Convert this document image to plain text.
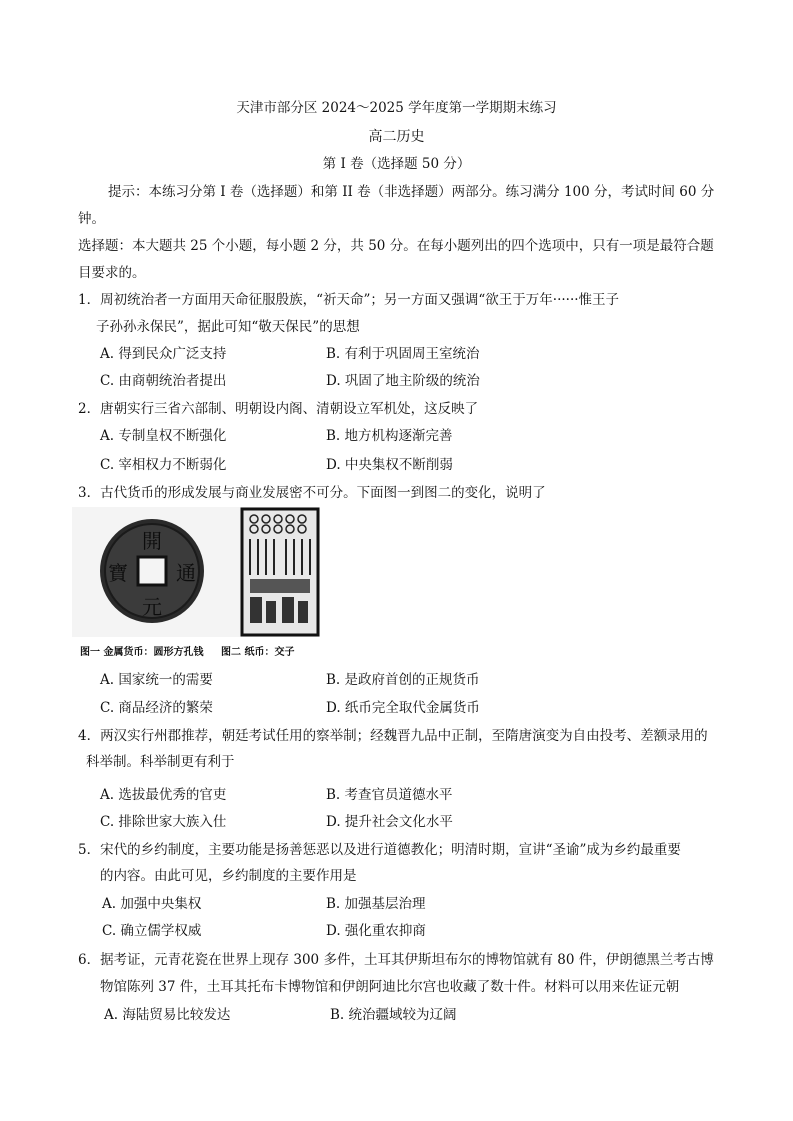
天津市部分区 2024～2025 学年度第一学期期末练习
高二历史
第 I 卷（选择题 50 分）
提示：本练习分第 I 卷（选择题）和第 II 卷（非选择题）两部分。练习满分 100 分，考试时间 60 分
钟。
选择题：本大题共 25 个小题，每小题 2 分，共 50 分。在每小题列出的四个选项中，只有一项是最符合题
目要求的。
1．周初统治者一方面用天命征服殷族，“祈天命”；另一方面又强调“欲王于万年······惟王子
子孙孙永保民”，据此可知“敬天保民”的思想
A. 得到民众广泛支持	B. 有利于巩固周王室统治
C. 由商朝统治者提出	D. 巩固了地主阶级的统治
2．唐朝实行三省六部制、明朝设内阁、清朝设立军机处，这反映了
A. 专制皇权不断强化	B. 地方机构逐渐完善
C. 宰相权力不断弱化	D. 中央集权不断削弱
3．古代货币的形成发展与商业发展密不可分。下面图一到图二的变化，说明了
開
元
通
寶
图一 金属货币：圆形方孔钱 图二 纸币：交子
A. 国家统一的需要	B. 是政府首创的正规货币
C. 商品经济的繁荣	D. 纸币完全取代金属货币
4．两汉实行州郡推荐，朝廷考试任用的察举制；经魏晋九品中正制，至隋唐演变为自由投考、差额录用的
科举制。科举制更有利于
A. 选拔最优秀的官吏	B. 考查官员道德水平
C. 排除世家大族入仕	D. 提升社会文化水平
5．宋代的乡约制度，主要功能是扬善惩恶以及进行道德教化；明清时期，宣讲“圣谕”成为乡约最重要
的内容。由此可见，乡约制度的主要作用是
A. 加强中央集权	B. 加强基层治理
C. 确立儒学权威	D. 强化重农抑商
6．据考证，元青花瓷在世界上现存 300 多件，土耳其伊斯坦布尔的博物馆就有 80 件，伊朗德黑兰考古博
物馆陈列 37 件，土耳其托布卡博物馆和伊朗阿迪比尔宫也收藏了数十件。材料可以用来佐证元朝
A. 海陆贸易比较发达	B. 统治疆域较为辽阔
